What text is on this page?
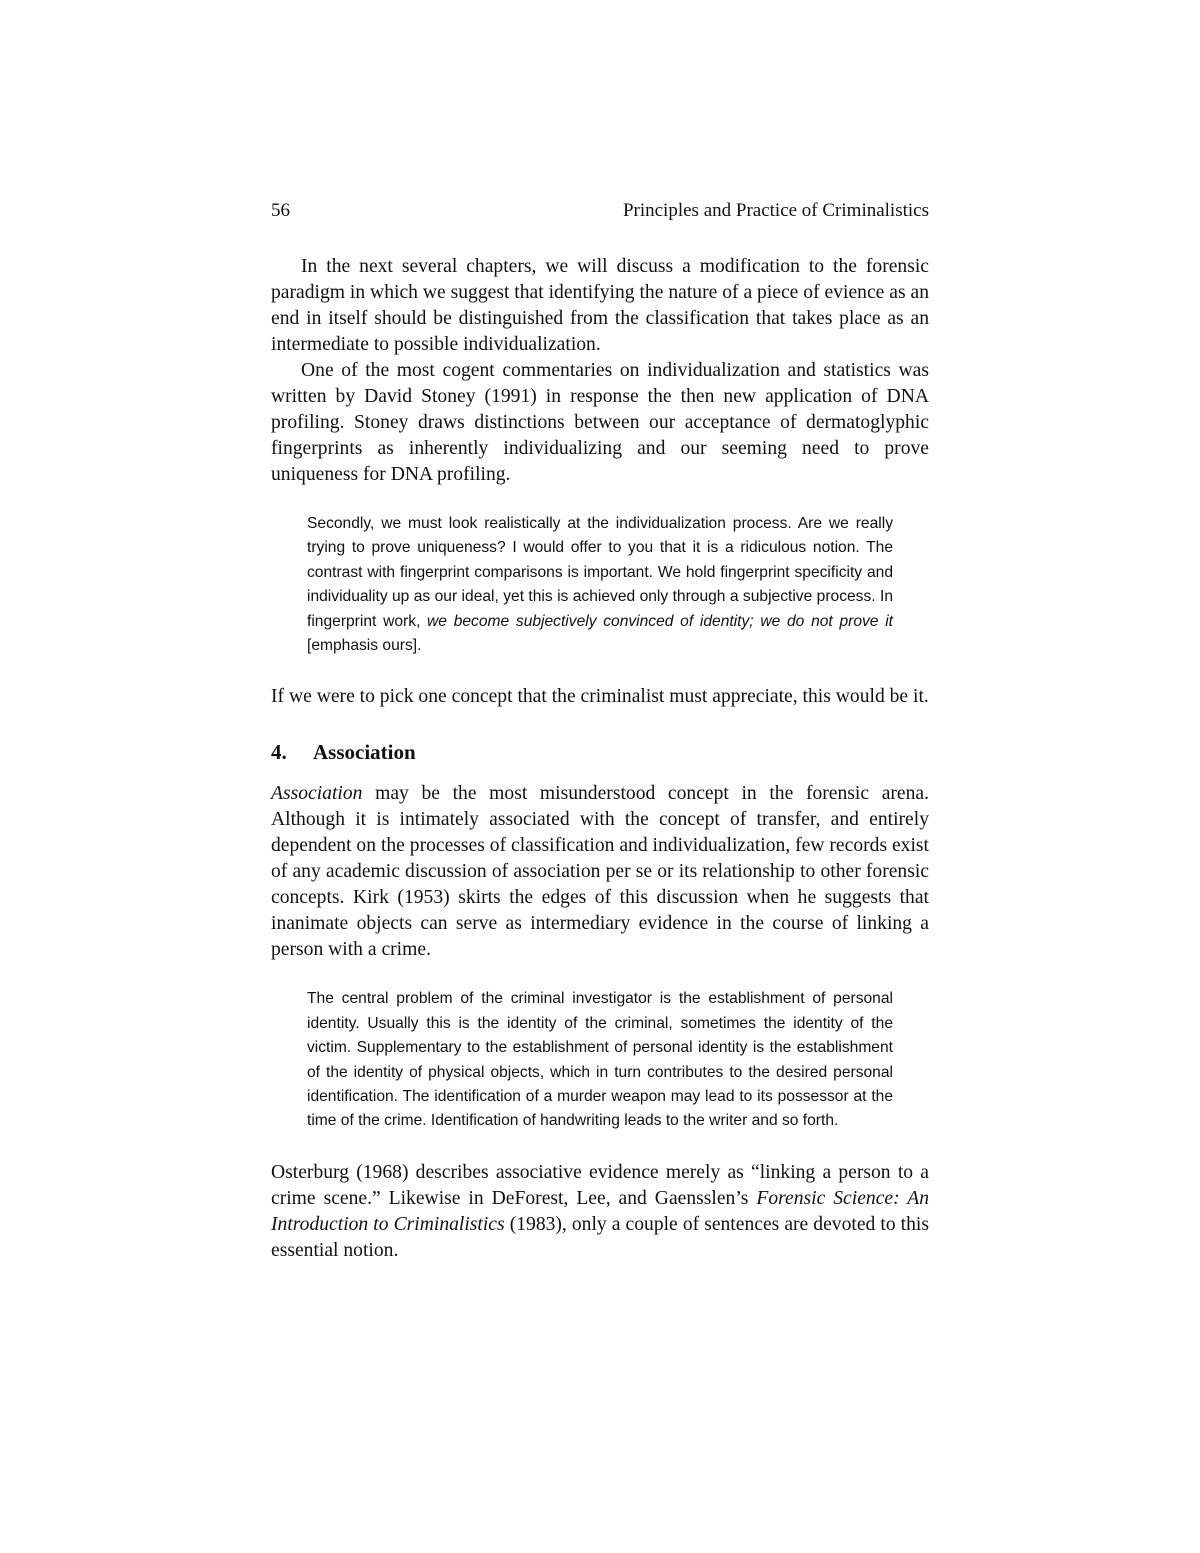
56	Principles and Practice of Criminalistics

In the next several chapters, we will discuss a modification to the forensic paradigm in which we suggest that identifying the nature of a piece of evience as an end in itself should be distinguished from the classification that takes place as an intermediate to possible individualization.

One of the most cogent commentaries on individualization and statistics was written by David Stoney (1991) in response the then new application of DNA profiling. Stoney draws distinctions between our acceptance of dermatoglyphic fingerprints as inherently individualizing and our seeming need to prove uniqueness for DNA profiling.

Secondly, we must look realistically at the individualization process. Are we really trying to prove uniqueness? I would offer to you that it is a ridiculous notion. The contrast with fingerprint comparisons is important. We hold fingerprint specificity and individuality up as our ideal, yet this is achieved only through a subjective process. In fingerprint work, we become subjectively convinced of identity; we do not prove it [emphasis ours].

If we were to pick one concept that the criminalist must appreciate, this would be it.

4. Association

Association may be the most misunderstood concept in the forensic arena. Although it is intimately associated with the concept of transfer, and entirely dependent on the processes of classification and individualization, few records exist of any academic discussion of association per se or its relationship to other forensic concepts. Kirk (1953) skirts the edges of this discussion when he suggests that inanimate objects can serve as intermediary evidence in the course of linking a person with a crime.

The central problem of the criminal investigator is the establishment of personal identity. Usually this is the identity of the criminal, sometimes the identity of the victim. Supplementary to the establishment of personal identity is the establishment of the identity of physical objects, which in turn contributes to the desired personal identification. The identification of a murder weapon may lead to its possessor at the time of the crime. Identification of handwriting leads to the writer and so forth.

Osterburg (1968) describes associative evidence merely as “linking a person to a crime scene.” Likewise in DeForest, Lee, and Gaensslen’s Forensic Science: An Introduction to Criminalistics (1983), only a couple of sentences are devoted to this essential notion.
